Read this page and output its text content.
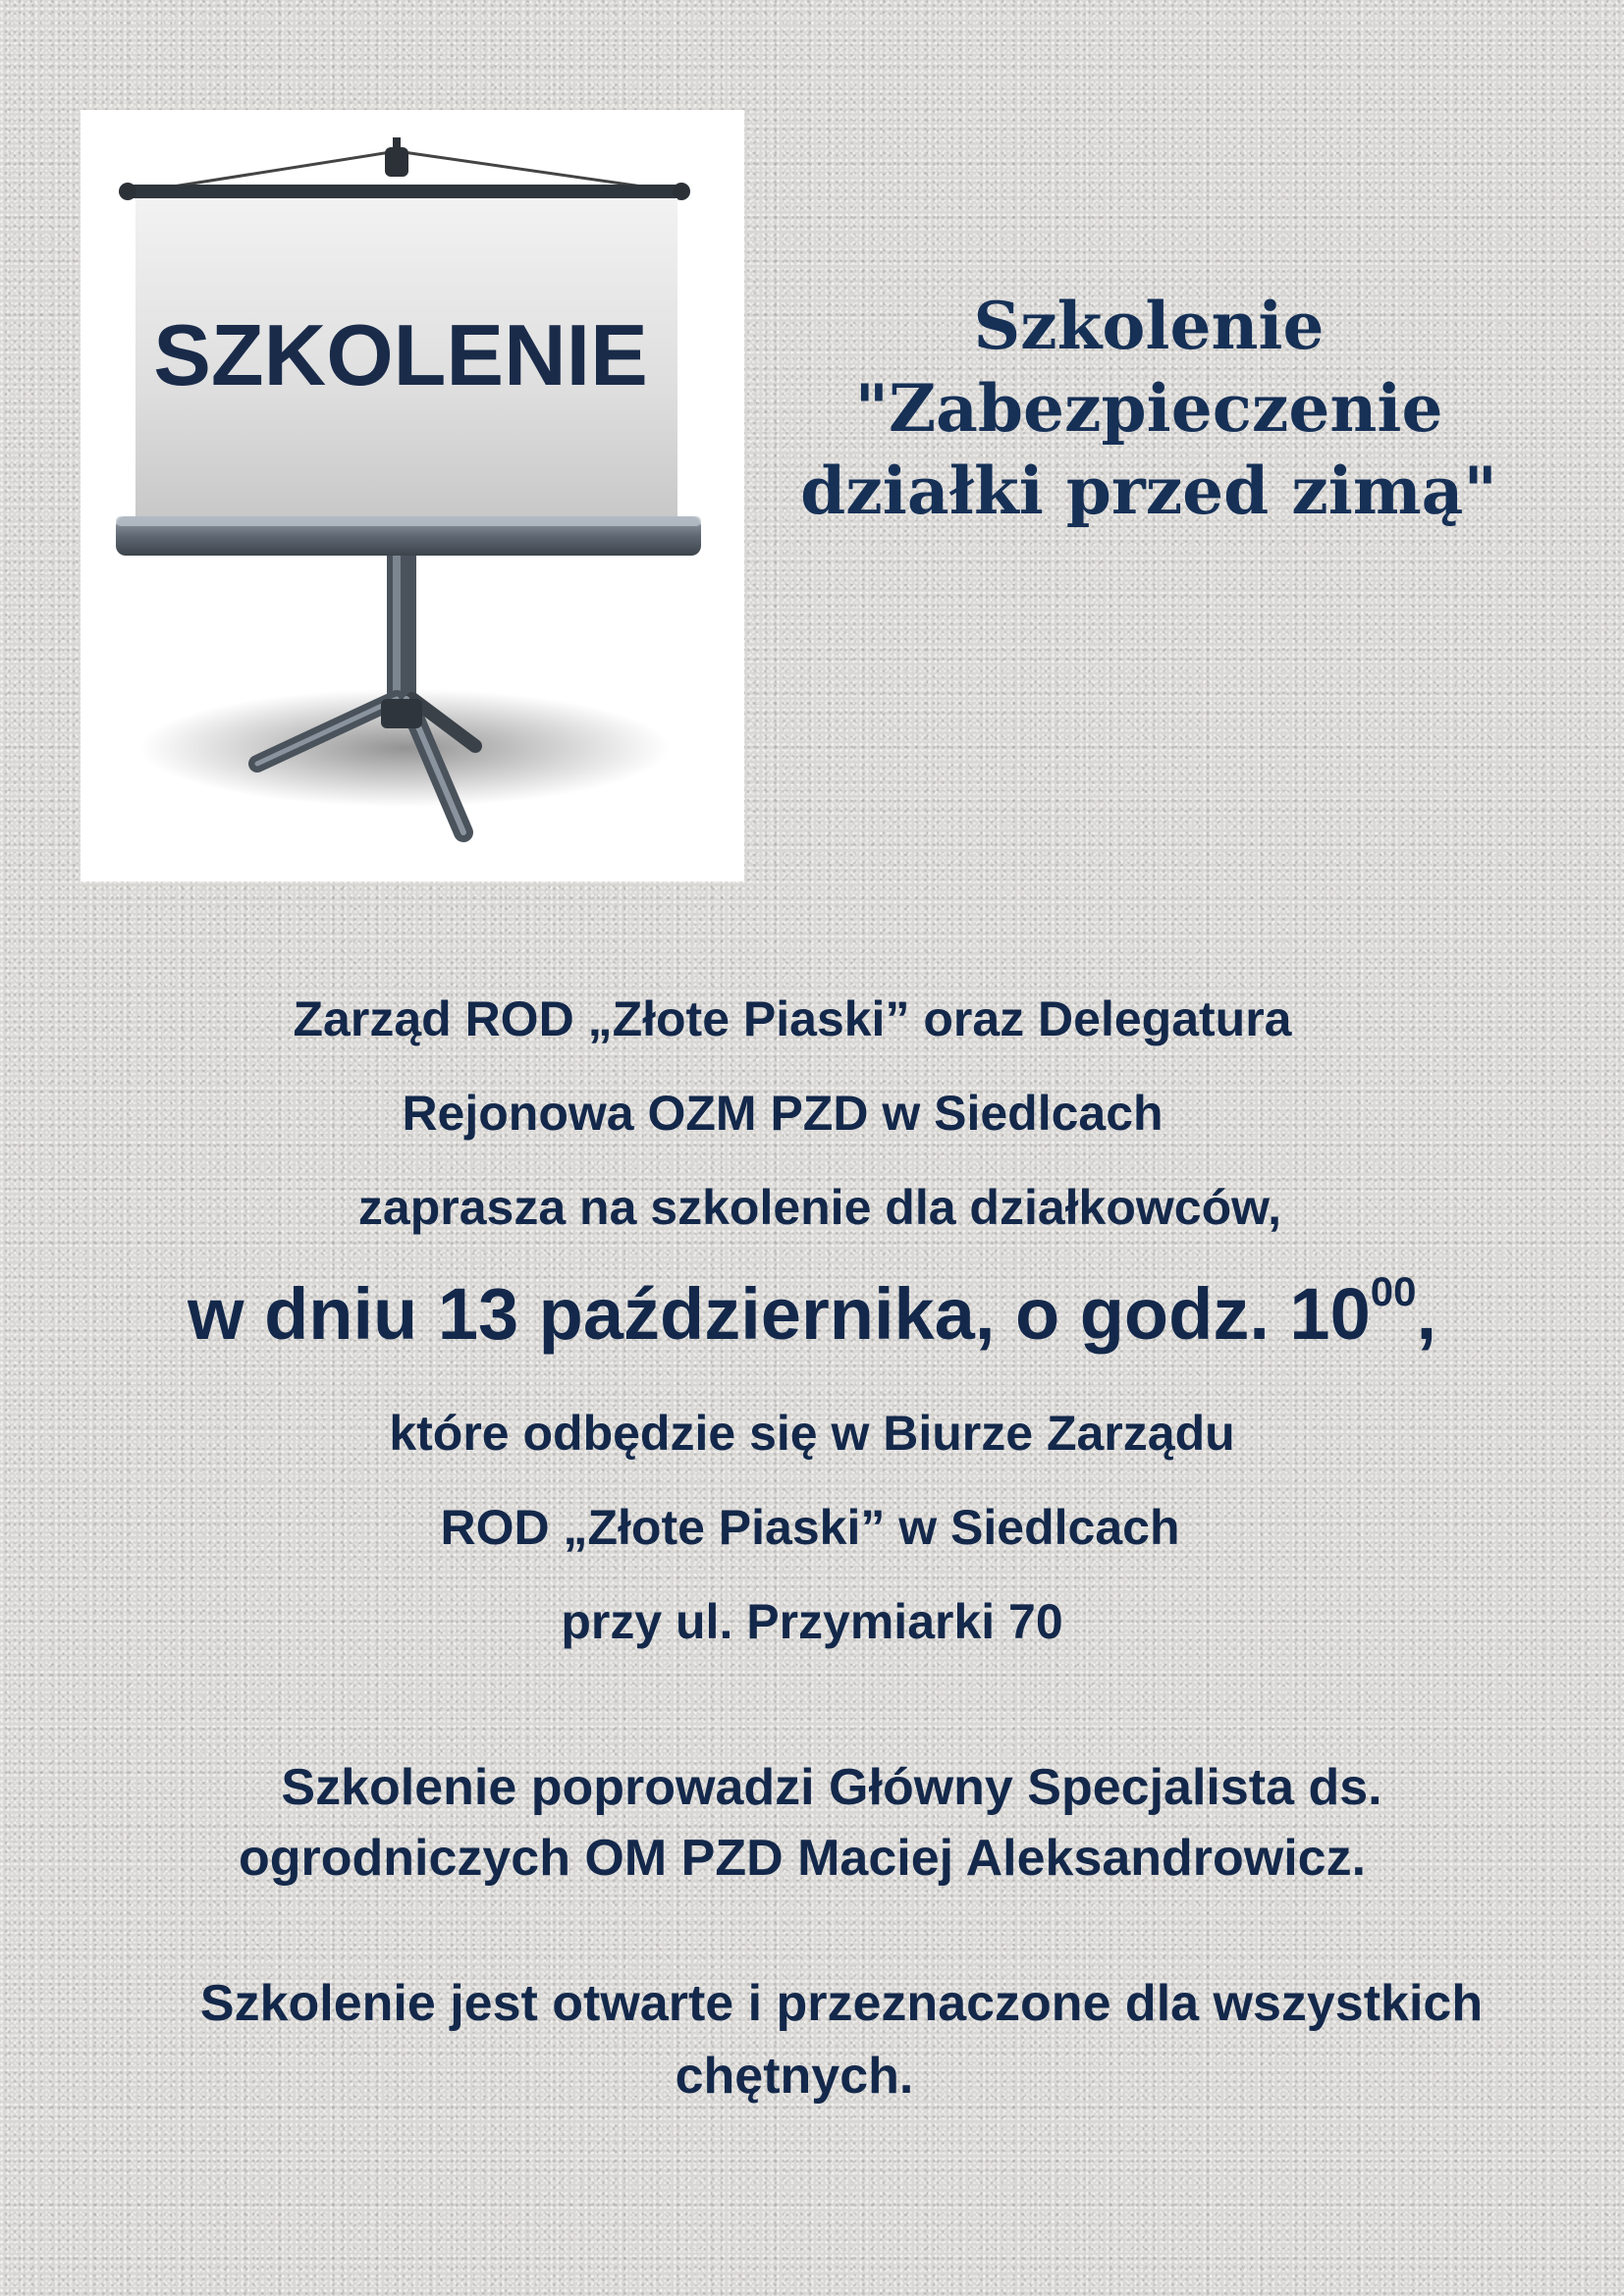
SZKOLENIE	Szkolenie
"Zabezpieczenie
działki przed zimą"
Zarząd ROD „Złote Piaski” oraz Delegatura
Rejonowa OZM PZD w Siedlcach
zaprasza na szkolenie dla działkowców,
w dniu 13 października, o godz. $10^{00}$,
które odbędzie się w Biurze Zarządu
ROD „Złote Piaski” w Siedlcach
przy ul. Przymiarki 70
Szkolenie poprowadzi Główny Specjalista ds.
ogrodniczych OM PZD Maciej Aleksandrowicz.
Szkolenie jest otwarte i przeznaczone dla wszystkich
chętnych.
